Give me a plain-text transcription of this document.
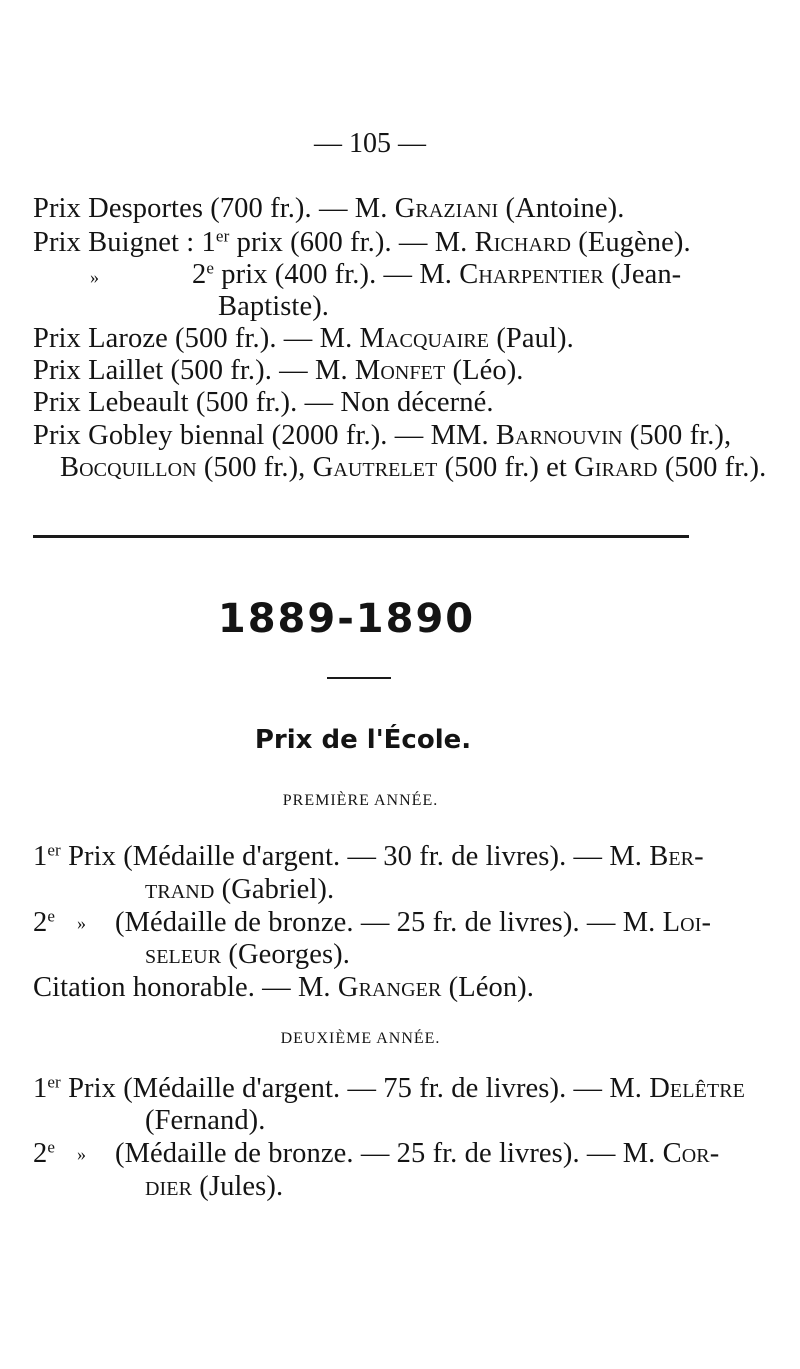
— 105 —
Prix Desportes (700 fr.). — M. Graziani (Antoine).
Prix Buignet : 1er prix (600 fr.). — M. Richard (Eugène).
»	2e prix (400 fr.). — M. Charpentier (Jean-
Baptiste).
Prix Laroze (500 fr.). — M. Macquaire (Paul).
Prix Laillet (500 fr.). — M. Monfet (Léo).
Prix Lebeault (500 fr.). — Non décerné.
Prix Gobley biennal (2000 fr.). — MM. Barnouvin (500 fr.),
Bocquillon (500 fr.), Gautrelet (500 fr.) et Girard (500 fr.).
1889-1890
Prix de l'École.
PREMIÈRE ANNÉE.
1er Prix (Médaille d'argent. — 30 fr. de livres). — M. Ber-
trand (Gabriel).
2e » (Médaille de bronze. — 25 fr. de livres). — M. Loi-
seleur (Georges).
Citation honorable. — M. Granger (Léon).
DEUXIÈME ANNÉE.
1er Prix (Médaille d'argent. — 75 fr. de livres). — M. Delêtre
(Fernand).
2e » (Médaille de bronze. — 25 fr. de livres). — M. Cor-
dier (Jules).
